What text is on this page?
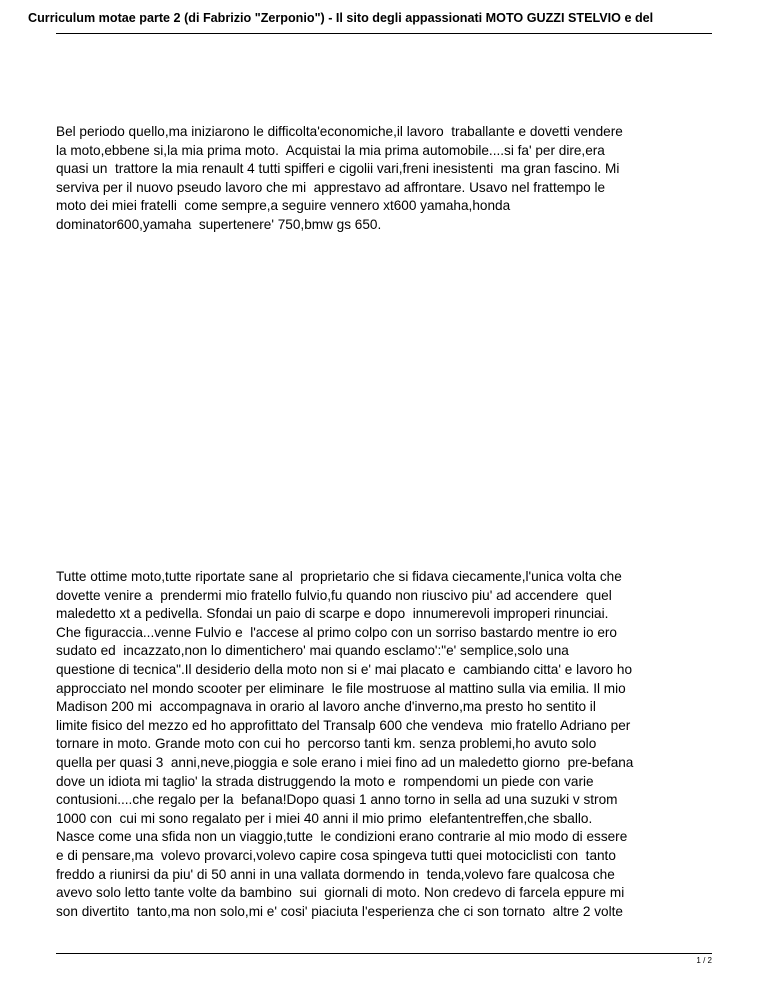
Curriculum motae parte 2 (di Fabrizio "Zerponio") - Il sito degli appassionati MOTO GUZZI STELVIO e del
Bel periodo quello,ma iniziarono le difficolta'economiche,il lavoro  traballante e dovetti vendere
la moto,ebbene si,la mia prima moto.  Acquistai la mia prima automobile....si fa' per dire,era
quasi un  trattore la mia renault 4 tutti spifferi e cigolii vari,freni inesistenti  ma gran fascino. Mi
serviva per il nuovo pseudo lavoro che mi  apprestavo ad affrontare. Usavo nel frattempo le
moto dei miei fratelli  come sempre,a seguire vennero xt600 yamaha,honda
dominator600,yamaha  supertenere' 750,bmw gs 650.
Tutte ottime moto,tutte riportate sane al  proprietario che si fidava ciecamente,l'unica volta che
dovette venire a  prendermi mio fratello fulvio,fu quando non riuscivo piu' ad accendere  quel
maledetto xt a pedivella. Sfondai un paio di scarpe e dopo  innumerevoli improperi rinunciai.
Che figuraccia...venne Fulvio e  l'accese al primo colpo con un sorriso bastardo mentre io ero
sudato ed  incazzato,non lo dimentichero' mai quando esclamo':"e' semplice,solo una
questione di tecnica".Il desiderio della moto non si e' mai placato e  cambiando citta' e lavoro ho
approcciato nel mondo scooter per eliminare  le file mostruose al mattino sulla via emilia. Il mio
Madison 200 mi  accompagnava in orario al lavoro anche d'inverno,ma presto ho sentito il
limite fisico del mezzo ed ho approfittato del Transalp 600 che vendeva  mio fratello Adriano per
tornare in moto. Grande moto con cui ho  percorso tanti km. senza problemi,ho avuto solo
quella per quasi 3  anni,neve,pioggia e sole erano i miei fino ad un maledetto giorno  pre-befana
dove un idiota mi taglio' la strada distruggendo la moto e  rompendomi un piede con varie
contusioni....che regalo per la  befana!Dopo quasi 1 anno torno in sella ad una suzuki v strom
1000 con  cui mi sono regalato per i miei 40 anni il mio primo  elefantentreffen,che sballo.
Nasce come una sfida non un viaggio,tutte  le condizioni erano contrarie al mio modo di essere
e di pensare,ma  volevo provarci,volevo capire cosa spingeva tutti quei motociclisti con  tanto
freddo a riunirsi da piu' di 50 anni in una vallata dormendo in  tenda,volevo fare qualcosa che
avevo solo letto tante volte da bambino  sui  giornali di moto. Non credevo di farcela eppure mi
son divertito  tanto,ma non solo,mi e' cosi' piaciuta l'esperienza che ci son tornato  altre 2 volte
1 / 2
